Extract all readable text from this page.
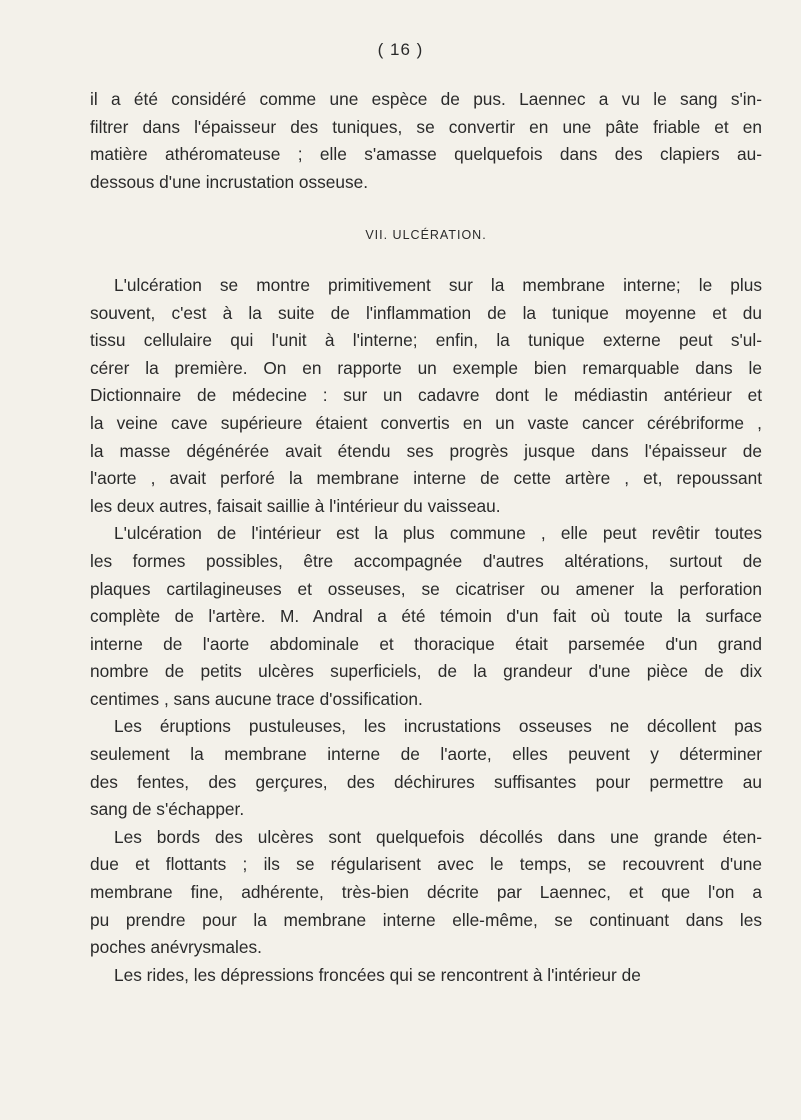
( 16 )
il a été considéré comme une espèce de pus. Laennec a vu le sang s'in-
filtrer dans l'épaisseur des tuniques, se convertir en une pâte friable et en
matière athéromateuse ; elle s'amasse quelquefois dans des clapiers au-
dessous d'une incrustation osseuse.
VII. ULCÉRATION.
L'ulcération se montre primitivement sur la membrane interne; le plus
souvent, c'est à la suite de l'inflammation de la tunique moyenne et du
tissu cellulaire qui l'unit à l'interne; enfin, la tunique externe peut s'ul-
cérer la première. On en rapporte un exemple bien remarquable dans le
Dictionnaire de médecine : sur un cadavre dont le médiastin antérieur et
la veine cave supérieure étaient convertis en un vaste cancer cérébriforme ,
la masse dégénérée avait étendu ses progrès jusque dans l'épaisseur de
l'aorte , avait perforé la membrane interne de cette artère , et, repoussant
les deux autres, faisait saillie à l'intérieur du vaisseau.
L'ulcération de l'intérieur est la plus commune , elle peut revêtir toutes
les formes possibles, être accompagnée d'autres altérations, surtout de
plaques cartilagineuses et osseuses, se cicatriser ou amener la perforation
complète de l'artère. M. Andral a été témoin d'un fait où toute la surface
interne de l'aorte abdominale et thoracique était parsemée d'un grand
nombre de petits ulcères superficiels, de la grandeur d'une pièce de dix
centimes , sans aucune trace d'ossification.
Les éruptions pustuleuses, les incrustations osseuses ne décollent pas
seulement la membrane interne de l'aorte, elles peuvent y déterminer
des fentes, des gerçures, des déchirures suffisantes pour permettre au
sang de s'échapper.
Les bords des ulcères sont quelquefois décollés dans une grande éten-
due et flottants ; ils se régularisent avec le temps, se recouvrent d'une
membrane fine, adhérente, très-bien décrite par Laennec, et que l'on a
pu prendre pour la membrane interne elle-même, se continuant dans les
poches anévrysmales.
Les rides, les dépressions froncées qui se rencontrent à l'intérieur de
